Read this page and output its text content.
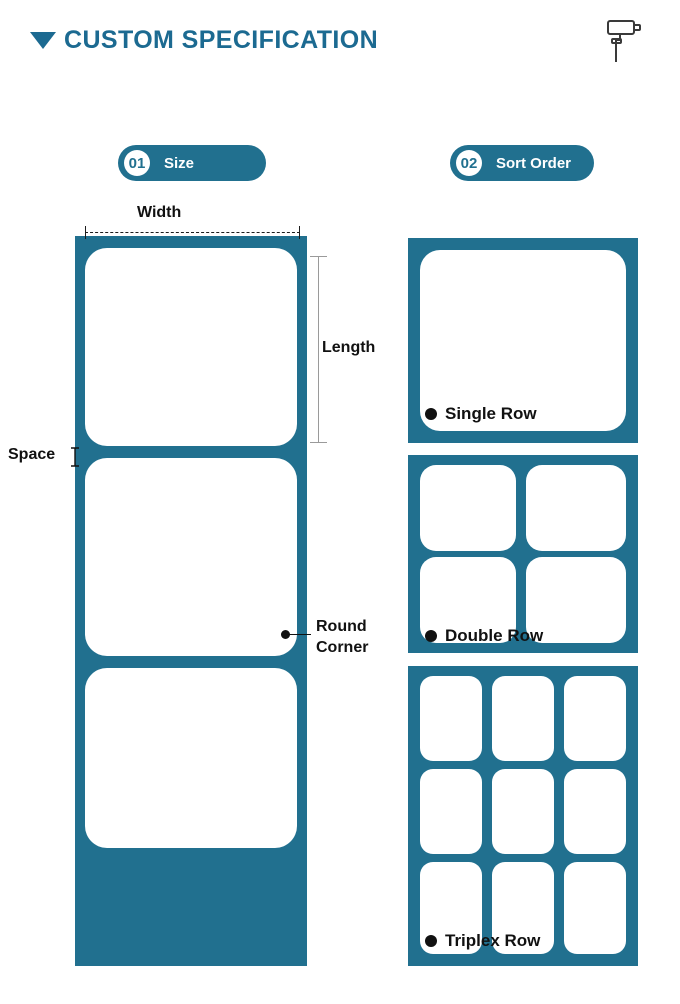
CUSTOM SPECIFICATION
01	Size	02	Sort Order
Width
Length
Space
Round
Corner
Single Row
Double Row
Triplex Row
